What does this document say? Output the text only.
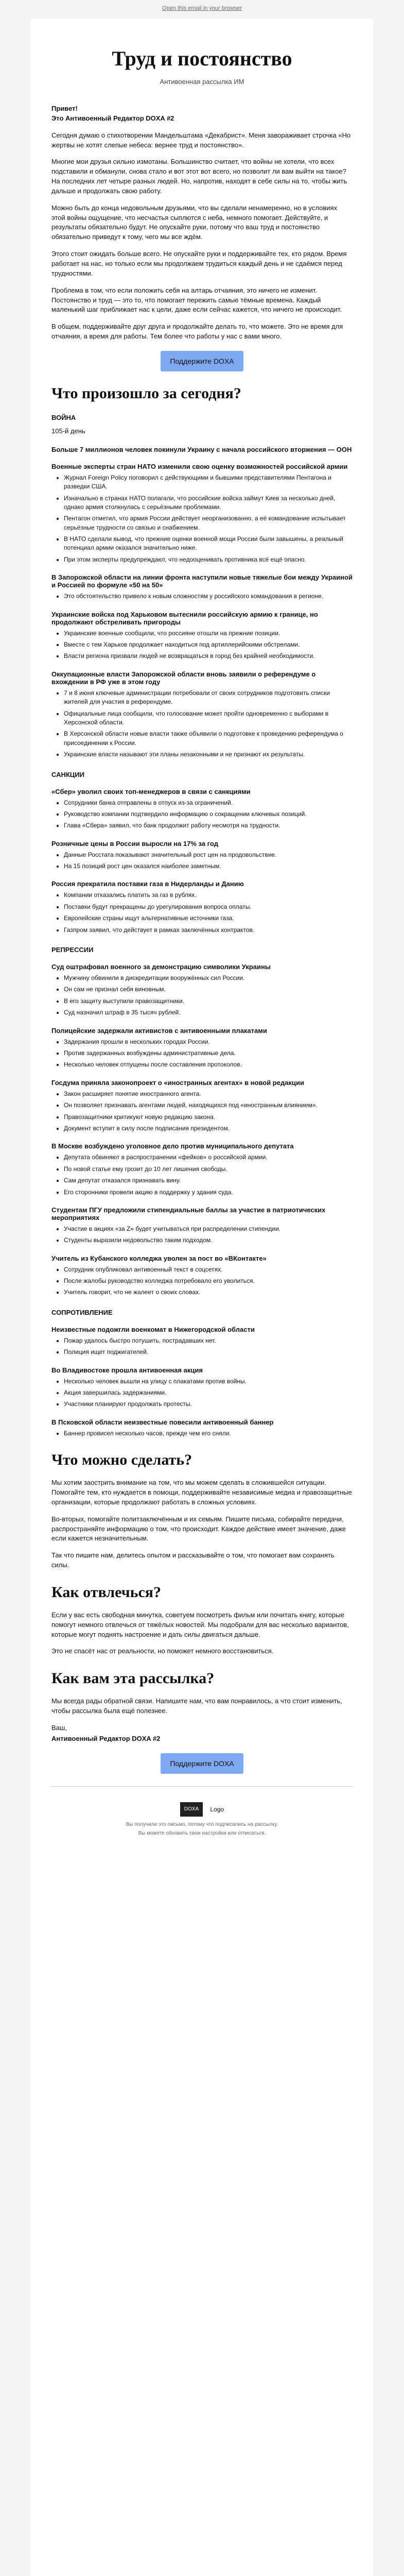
Open this email in your browser
Труд и постоянство
Антивоенная рассылка ИМ

Привет!
Это Антивоенный Редактор DOXA #2

Сегодня думаю о стихотворении Мандельштама «Декабрист». Меня завораживает строчка «Но жертвы не хотят слепые небеса: вернее труд и постоянство».

Многие мои друзья сильно измотаны. Большинство считает, что войны не хотели, что всех подставили и обманули, снова стало и вот этот вот всего, но позволит ли вам выйти на такое? На последних лет четыре разных людей. Но, напротив, находят в себе силы на то, чтобы жить дальше и продолжать свою работу.

Можно быть до конца недовольным друзьями, что вы сделали ненамеренно, но в условиях этой войны ощущение, что несчастья сыплются с неба, немного помогает. Действуйте, и результаты обязательно будут. Не опускайте руки, потому что ваш труд и постоянство обязательно приведут к тому, чего мы все ждём.

Этого стоит ожидать больше всего. Не опускайте руки и поддерживайте тех, кто рядом. Время работает на нас, но только если мы продолжаем трудиться каждый день и не сдаёмся перед трудностями.

Проблема в том, что если положить себя на алтарь отчаяния, это ничего не изменит. Постоянство и труд — это то, что помогает пережить самые тёмные времена. Каждый маленький шаг приближает нас к цели, даже если сейчас кажется, что ничего не происходит.

В общем, поддерживайте друг друга и продолжайте делать то, что можете. Это не время для отчаяния, а время для работы. Тем более что работы у нас с вами много.

Поддержите DOXA
Что произошло за сегодня?
ВОЙНА

105-й день

Больше 7 миллионов человек покинули Украину с начала российского вторжения — ООН
Военные эксперты стран НАТО изменили свою оценку возможностей российской армии
• Журнал Foreign Policy поговорил с действующими и бывшими представителями Пентагона и разведки США.
• Изначально в странах НАТО полагали, что российские войска займут Киев за несколько дней, однако армия столкнулась с серьёзными проблемами.
• Пентагон отметил, что армия России действует неорганизованно, а её командование испытывает серьёзные трудности со связью и снабжением.
• В НАТО сделали вывод, что прежние оценки военной мощи России были завышены, а реальный потенциал армии оказался значительно ниже.
• При этом эксперты предупреждают, что недооценивать противника всё ещё опасно.
В Запорожской области на линии фронта наступили новые тяжелые бои между Украиной и Россией по формуле «50 на 50»
• Это обстоятельство привело к новым сложностям у российского командования в регионе.
Украинские войска под Харьковом вытеснили российскую армию к границе, но продолжают обстреливать пригороды
• Украинские военные сообщили, что россияне отошли на прежние позиции.
• Вместе с тем Харьков продолжает находиться под артиллерийскими обстрелами.
• Власти региона призвали людей не возвращаться в город без крайней необходимости.
Оккупационные власти Запорожской области вновь заявили о референдуме о вхождении в РФ уже в этом году
• 7 и 8 июня ключевые администрации потребовали от своих сотрудников подготовить списки жителей для участия в референдуме.
• Официальные лица сообщили, что голосование может пройти одновременно с выборами в Херсонской области.
• В Херсонской области новые власти также объявили о подготовке к проведению референдума о присоединении к России.
• Украинские власти называют эти планы незаконными и не признают их результаты.
САНКЦИИ
«Сбер» уволил своих топ-менеджеров в связи с санкциями
• Сотрудники банка отправлены в отпуск из-за ограничений.
• Руководство компании подтвердило информацию о сокращении ключевых позиций.
• Глава «Сбера» заявил, что банк продолжит работу несмотря на трудности.
Розничные цены в России выросли на 17% за год
• Данные Росстата показывают значительный рост цен на продовольствие.
• На 15 позиций рост цен оказался наиболее заметным.
Россия прекратила поставки газа в Нидерланды и Данию
• Компании отказались платить за газ в рублях.
• Поставки будут прекращены до урегулирования вопроса оплаты.
• Европейские страны ищут альтернативные источники газа.
• Газпром заявил, что действует в рамках заключённых контрактов.
РЕПРЕССИИ
Суд оштрафовал военного за демонстрацию символики Украины
• Мужчину обвинили в дискредитации вооружённых сил России.
• Он сам не признал себя виновным.
• В его защиту выступили правозащитники.
• Суд назначил штраф в 35 тысяч рублей.
Полицейские задержали активистов с антивоенными плакатами
• Задержания прошли в нескольких городах России.
• Против задержанных возбуждены административные дела.
• Несколько человек отпущены после составления протоколов.
Госдума приняла законопроект о «иностранных агентах» в новой редакции
• Закон расширяет понятие иностранного агента.
• Он позволяет признавать агентами людей, находящихся под «иностранным влиянием».
• Правозащитники критикуют новую редакцию закона.
• Документ вступит в силу после подписания президентом.
В Москве возбуждено уголовное дело против муниципального депутата
• Депутата обвиняют в распространении «фейков» о российской армии.
• По новой статье ему грозит до 10 лет лишения свободы.
• Сам депутат отказался признавать вину.
• Его сторонники провели акцию в поддержку у здания суда.
Студентам ПГУ предложили стипендиальные баллы за участие в патриотических мероприятиях
• Участие в акциях «за Z» будет учитываться при распределении стипендии.
• Студенты выразили недовольство таким подходом.
Учитель из Кубанского колледжа уволен за пост во «ВКонтакте»
• Сотрудник опубликовал антивоенный текст в соцсетях.
• После жалобы руководство колледжа потребовало его уволиться.
• Учитель говорит, что не жалеет о своих словах.
СОПРОТИВЛЕНИЕ
Неизвестные подожгли военкомат в Нижегородской области
• Пожар удалось быстро потушить, пострадавших нет.
• Полиция ищет поджигателей.
Во Владивостоке прошла антивоенная акция
• Несколько человек вышли на улицу с плакатами против войны.
• Акция завершилась задержаниями.
• Участники планируют продолжать протесты.
В Псковской области неизвестные повесили антивоенный баннер
• Баннер провисел несколько часов, прежде чем его сняли.
Что можно сделать?

Мы хотим заострить внимание на том, что мы можем сделать в сложившейся ситуации. Помогайте тем, кто нуждается в помощи, поддерживайте независимые медиа и правозащитные организации, которые продолжают работать в сложных условиях.

Во-вторых, помогайте политзаключённым и их семьям. Пишите письма, собирайте передачи, распространяйте информацию о том, что происходит. Каждое действие имеет значение, даже если кажется незначительным.

Так что пишите нам, делитесь опытом и рассказывайте о том, что помогает вам сохранять силы.

Как отвлечься?

Если у вас есть свободная минутка, советуем посмотреть фильм или почитать книгу, которые помогут немного отвлечься от тяжёлых новостей. Мы подобрали для вас несколько вариантов, которые могут поднять настроение и дать силы двигаться дальше.

Это не спасёт нас от реальности, но поможет немного восстановиться.

Как вам эта рассылка?

Мы всегда рады обратной связи. Напишите нам, что вам понравилось, а что стоит изменить, чтобы рассылка была ещё полезнее.

Ваш,

Антивоенный Редактор DOXA #2

Поддержите DOXA
DOXA Logo
Вы получили это письмо, потому что подписались на рассылку.
Вы можете обновить свои настройки или отписаться.
